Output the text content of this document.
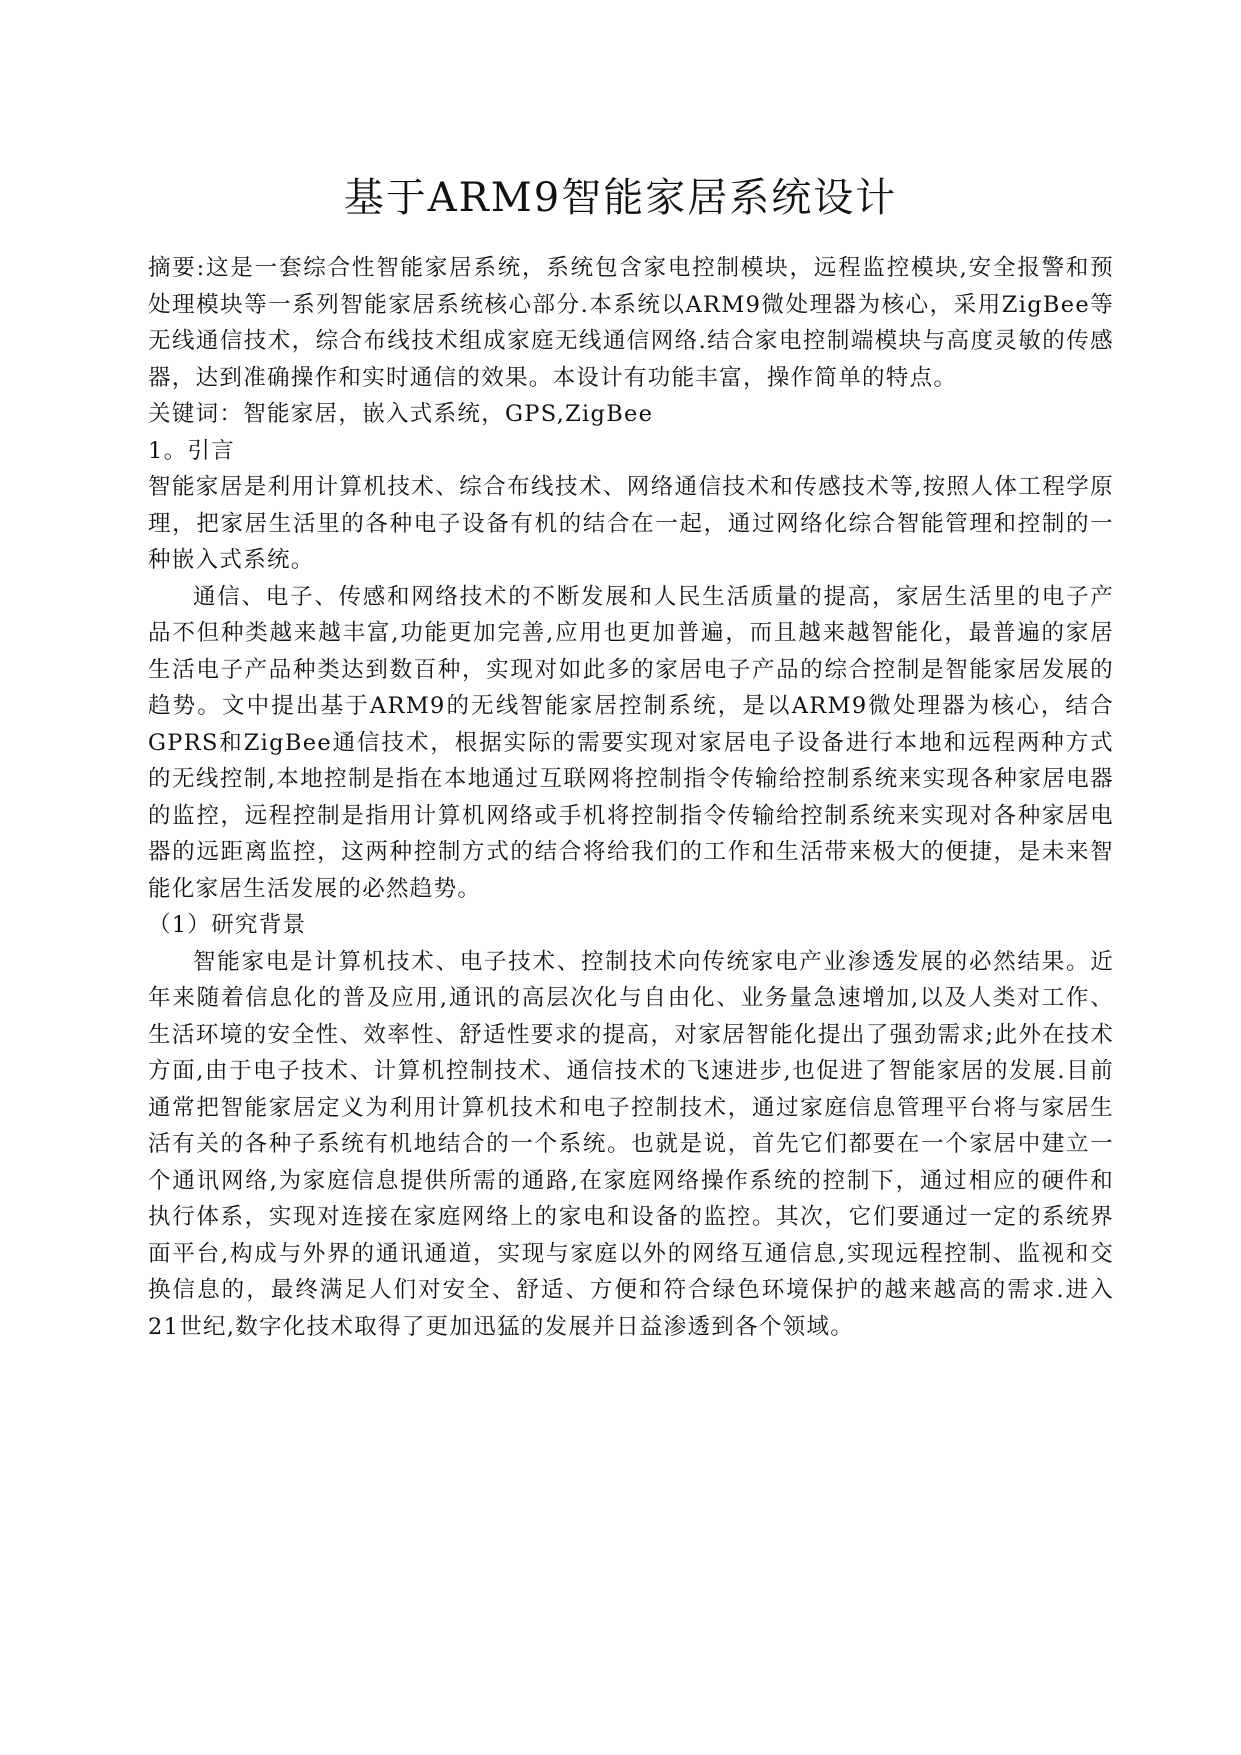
基于ARM9智能家居系统设计

摘要:这是一套综合性智能家居系统，系统包含家电控制模块，远程监控模块,安全报警和预处理模块等一系列智能家居系统核心部分.本系统以ARM9微处理器为核心，采用ZigBee等无线通信技术，综合布线技术组成家庭无线通信网络.结合家电控制端模块与高度灵敏的传感器，达到准确操作和实时通信的效果。本设计有功能丰富，操作简单的特点。

关键词：智能家居，嵌入式系统，GPS,ZigBee

1。引言

智能家居是利用计算机技术、综合布线技术、网络通信技术和传感技术等,按照人体工程学原理，把家居生活里的各种电子设备有机的结合在一起，通过网络化综合智能管理和控制的一种嵌入式系统。

通信、电子、传感和网络技术的不断发展和人民生活质量的提高，家居生活里的电子产品不但种类越来越丰富,功能更加完善,应用也更加普遍，而且越来越智能化，最普遍的家居生活电子产品种类达到数百种，实现对如此多的家居电子产品的综合控制是智能家居发展的趋势。文中提出基于ARM9的无线智能家居控制系统，是以ARM9微处理器为核心，结合GPRS和ZigBee通信技术，根据实际的需要实现对家居电子设备进行本地和远程两种方式的无线控制,本地控制是指在本地通过互联网将控制指令传输给控制系统来实现各种家居电器的监控，远程控制是指用计算机网络或手机将控制指令传输给控制系统来实现对各种家居电器的远距离监控，这两种控制方式的结合将给我们的工作和生活带来极大的便捷，是未来智能化家居生活发展的必然趋势。

（1）研究背景

智能家电是计算机技术、电子技术、控制技术向传统家电产业渗透发展的必然结果。近年来随着信息化的普及应用,通讯的高层次化与自由化、业务量急速增加,以及人类对工作、生活环境的安全性、效率性、舒适性要求的提高，对家居智能化提出了强劲需求;此外在技术方面,由于电子技术、计算机控制技术、通信技术的飞速进步,也促进了智能家居的发展.目前通常把智能家居定义为利用计算机技术和电子控制技术，通过家庭信息管理平台将与家居生活有关的各种子系统有机地结合的一个系统。也就是说，首先它们都要在一个家居中建立一个通讯网络,为家庭信息提供所需的通路,在家庭网络操作系统的控制下，通过相应的硬件和执行体系，实现对连接在家庭网络上的家电和设备的监控。其次，它们要通过一定的系统界面平台,构成与外界的通讯通道，实现与家庭以外的网络互通信息,实现远程控制、监视和交换信息的，最终满足人们对安全、舒适、方便和符合绿色环境保护的越来越高的需求.进入21世纪,数字化技术取得了更加迅猛的发展并日益渗透到各个领域。
